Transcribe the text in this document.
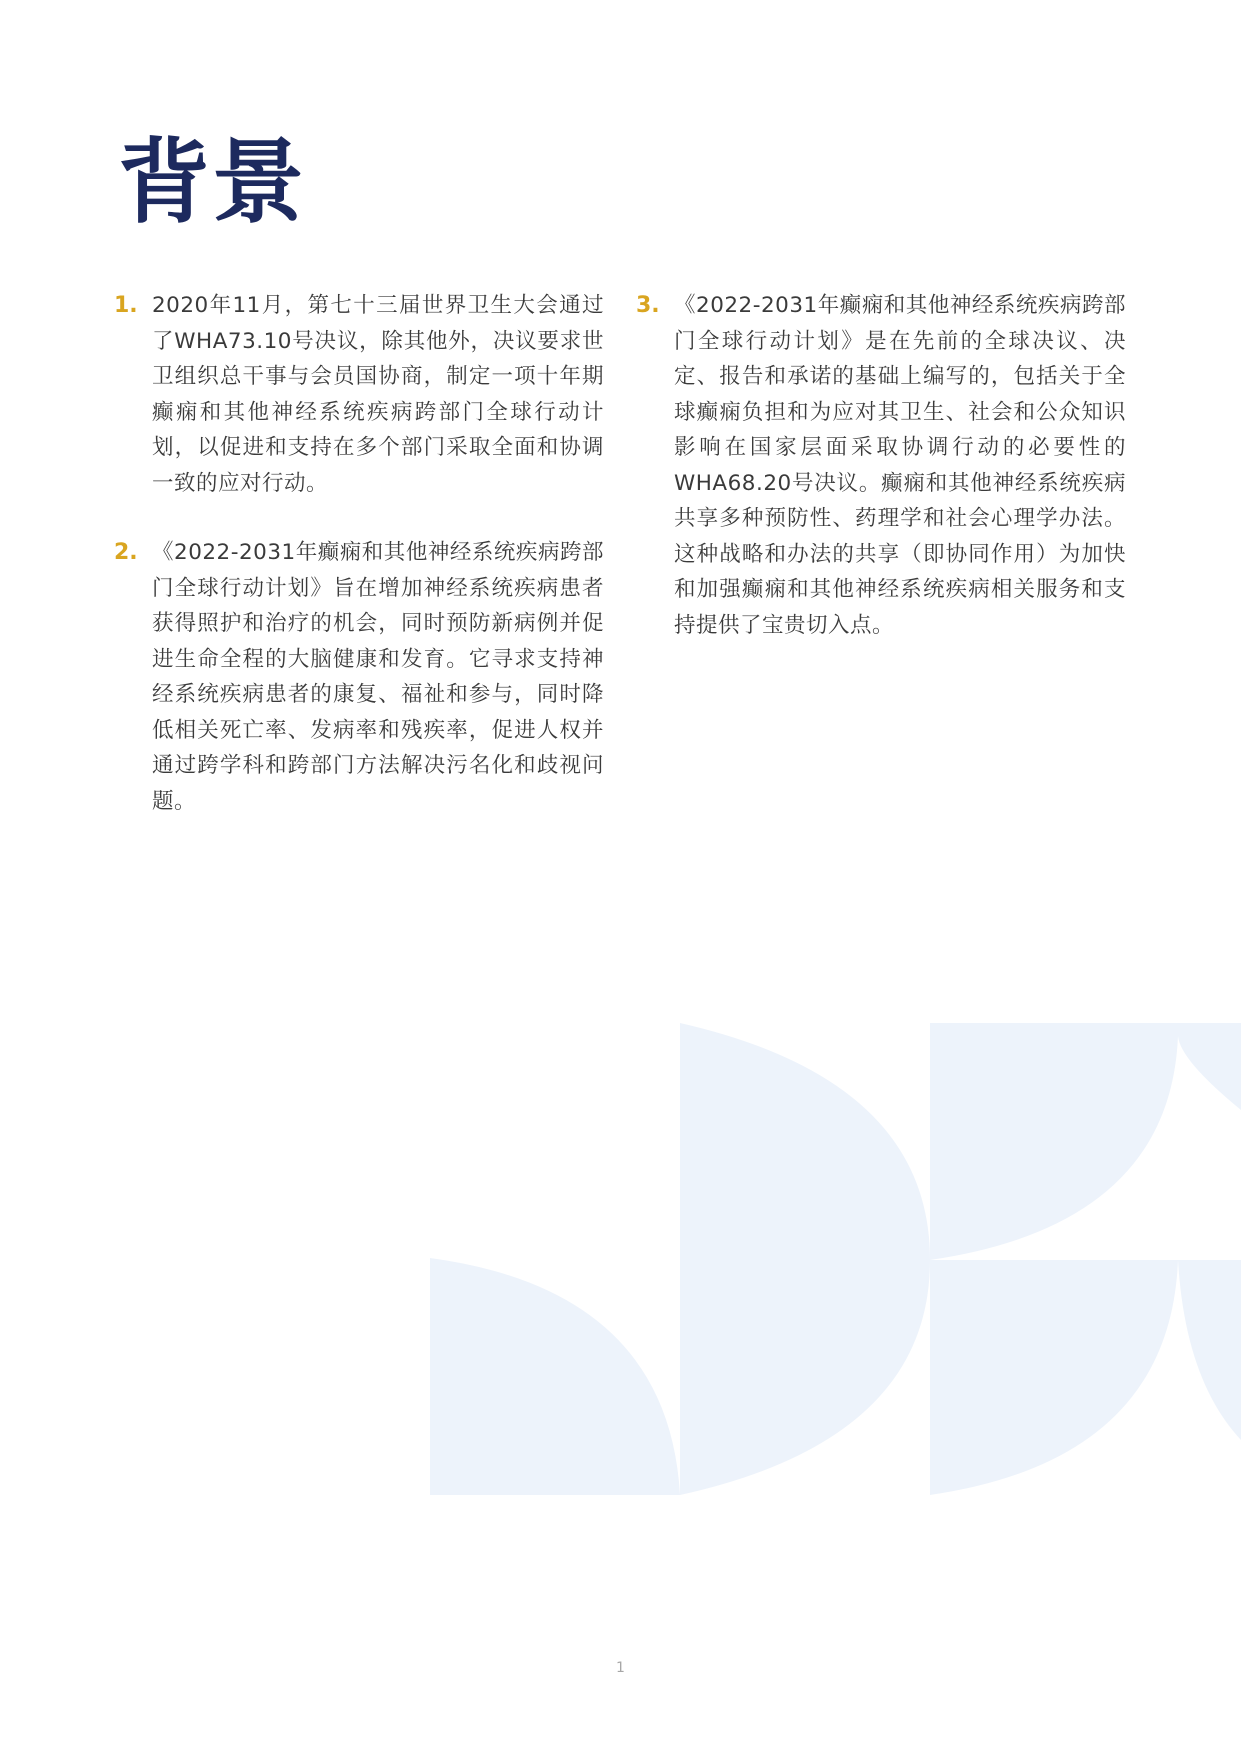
背景
1. 2020年11月，第七十三届世界卫生大会通过了WHA73.10号决议，除其他外，决议要求世卫组织总干事与会员国协商，制定一项十年期癫痫和其他神经系统疾病跨部门全球行动计划，以促进和支持在多个部门采取全面和协调一致的应对行动。
2. 《2022-2031年癫痫和其他神经系统疾病跨部门全球行动计划》旨在增加神经系统疾病患者获得照护和治疗的机会，同时预防新病例并促进生命全程的大脑健康和发育。它寻求支持神经系统疾病患者的康复、福祉和参与，同时降低相关死亡率、发病率和残疾率，促进人权并通过跨学科和跨部门方法解决污名化和歧视问题。
3. 《2022-2031年癫痫和其他神经系统疾病跨部门全球行动计划》是在先前的全球决议、决定、报告和承诺的基础上编写的，包括关于全球癫痫负担和为应对其卫生、社会和公众知识影响在国家层面采取协调行动的必要性的WHA68.20号决议。癫痫和其他神经系统疾病共享多种预防性、药理学和社会心理学办法。这种战略和办法的共享（即协同作用）为加快和加强癫痫和其他神经系统疾病相关服务和支持提供了宝贵切入点。
1
